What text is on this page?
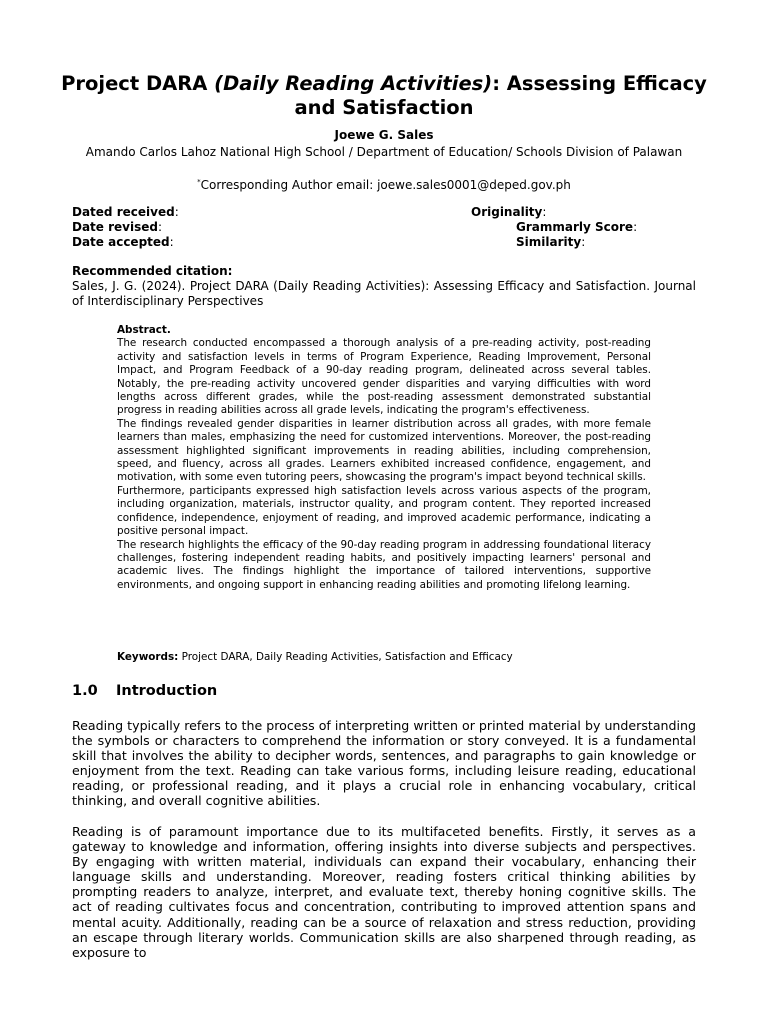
Project DARA (Daily Reading Activities): Assessing Efficacy and Satisfaction
Joewe G. Sales
Amando Carlos Lahoz National High School / Department of Education/ Schools Division of Palawan
*Corresponding Author email: joewe.sales0001@deped.gov.ph
Dated received:
Date revised:
Date accepted:
Originality:
Grammarly Score:
Similarity:
Recommended citation:
Sales, J. G. (2024). Project DARA (Daily Reading Activities): Assessing Efficacy and Satisfaction. Journal of Interdisciplinary Perspectives

Abstract.

The research conducted encompassed a thorough analysis of a pre-reading activity, post-reading activity and satisfaction levels in terms of Program Experience, Reading Improvement, Personal Impact, and Program Feedback of a 90-day reading program, delineated across several tables. Notably, the pre-reading activity uncovered gender disparities and varying difficulties with word lengths across different grades, while the post-reading assessment demonstrated substantial progress in reading abilities across all grade levels, indicating the program's effectiveness.

The findings revealed gender disparities in learner distribution across all grades, with more female learners than males, emphasizing the need for customized interventions. Moreover, the post-reading assessment highlighted significant improvements in reading abilities, including comprehension, speed, and fluency, across all grades. Learners exhibited increased confidence, engagement, and motivation, with some even tutoring peers, showcasing the program's impact beyond technical skills.

Furthermore, participants expressed high satisfaction levels across various aspects of the program, including organization, materials, instructor quality, and program content. They reported increased confidence, independence, enjoyment of reading, and improved academic performance, indicating a positive personal impact.

The research highlights the efficacy of the 90-day reading program in addressing foundational literacy challenges, fostering independent reading habits, and positively impacting learners' personal and academic lives. The findings highlight the importance of tailored interventions, supportive environments, and ongoing support in enhancing reading abilities and promoting lifelong learning.

Keywords: Project DARA, Daily Reading Activities, Satisfaction and Efficacy
1.0 Introduction

Reading typically refers to the process of interpreting written or printed material by understanding the symbols or characters to comprehend the information or story conveyed. It is a fundamental skill that involves the ability to decipher words, sentences, and paragraphs to gain knowledge or enjoyment from the text. Reading can take various forms, including leisure reading, educational reading, or professional reading, and it plays a crucial role in enhancing vocabulary, critical thinking, and overall cognitive abilities.

Reading is of paramount importance due to its multifaceted benefits. Firstly, it serves as a gateway to knowledge and information, offering insights into diverse subjects and perspectives. By engaging with written material, individuals can expand their vocabulary, enhancing their language skills and understanding. Moreover, reading fosters critical thinking abilities by prompting readers to analyze, interpret, and evaluate text, thereby honing cognitive skills. The act of reading cultivates focus and concentration, contributing to improved attention spans and mental acuity. Additionally, reading can be a source of relaxation and stress reduction, providing an escape through literary worlds. Communication skills are also sharpened through reading, as exposure to
